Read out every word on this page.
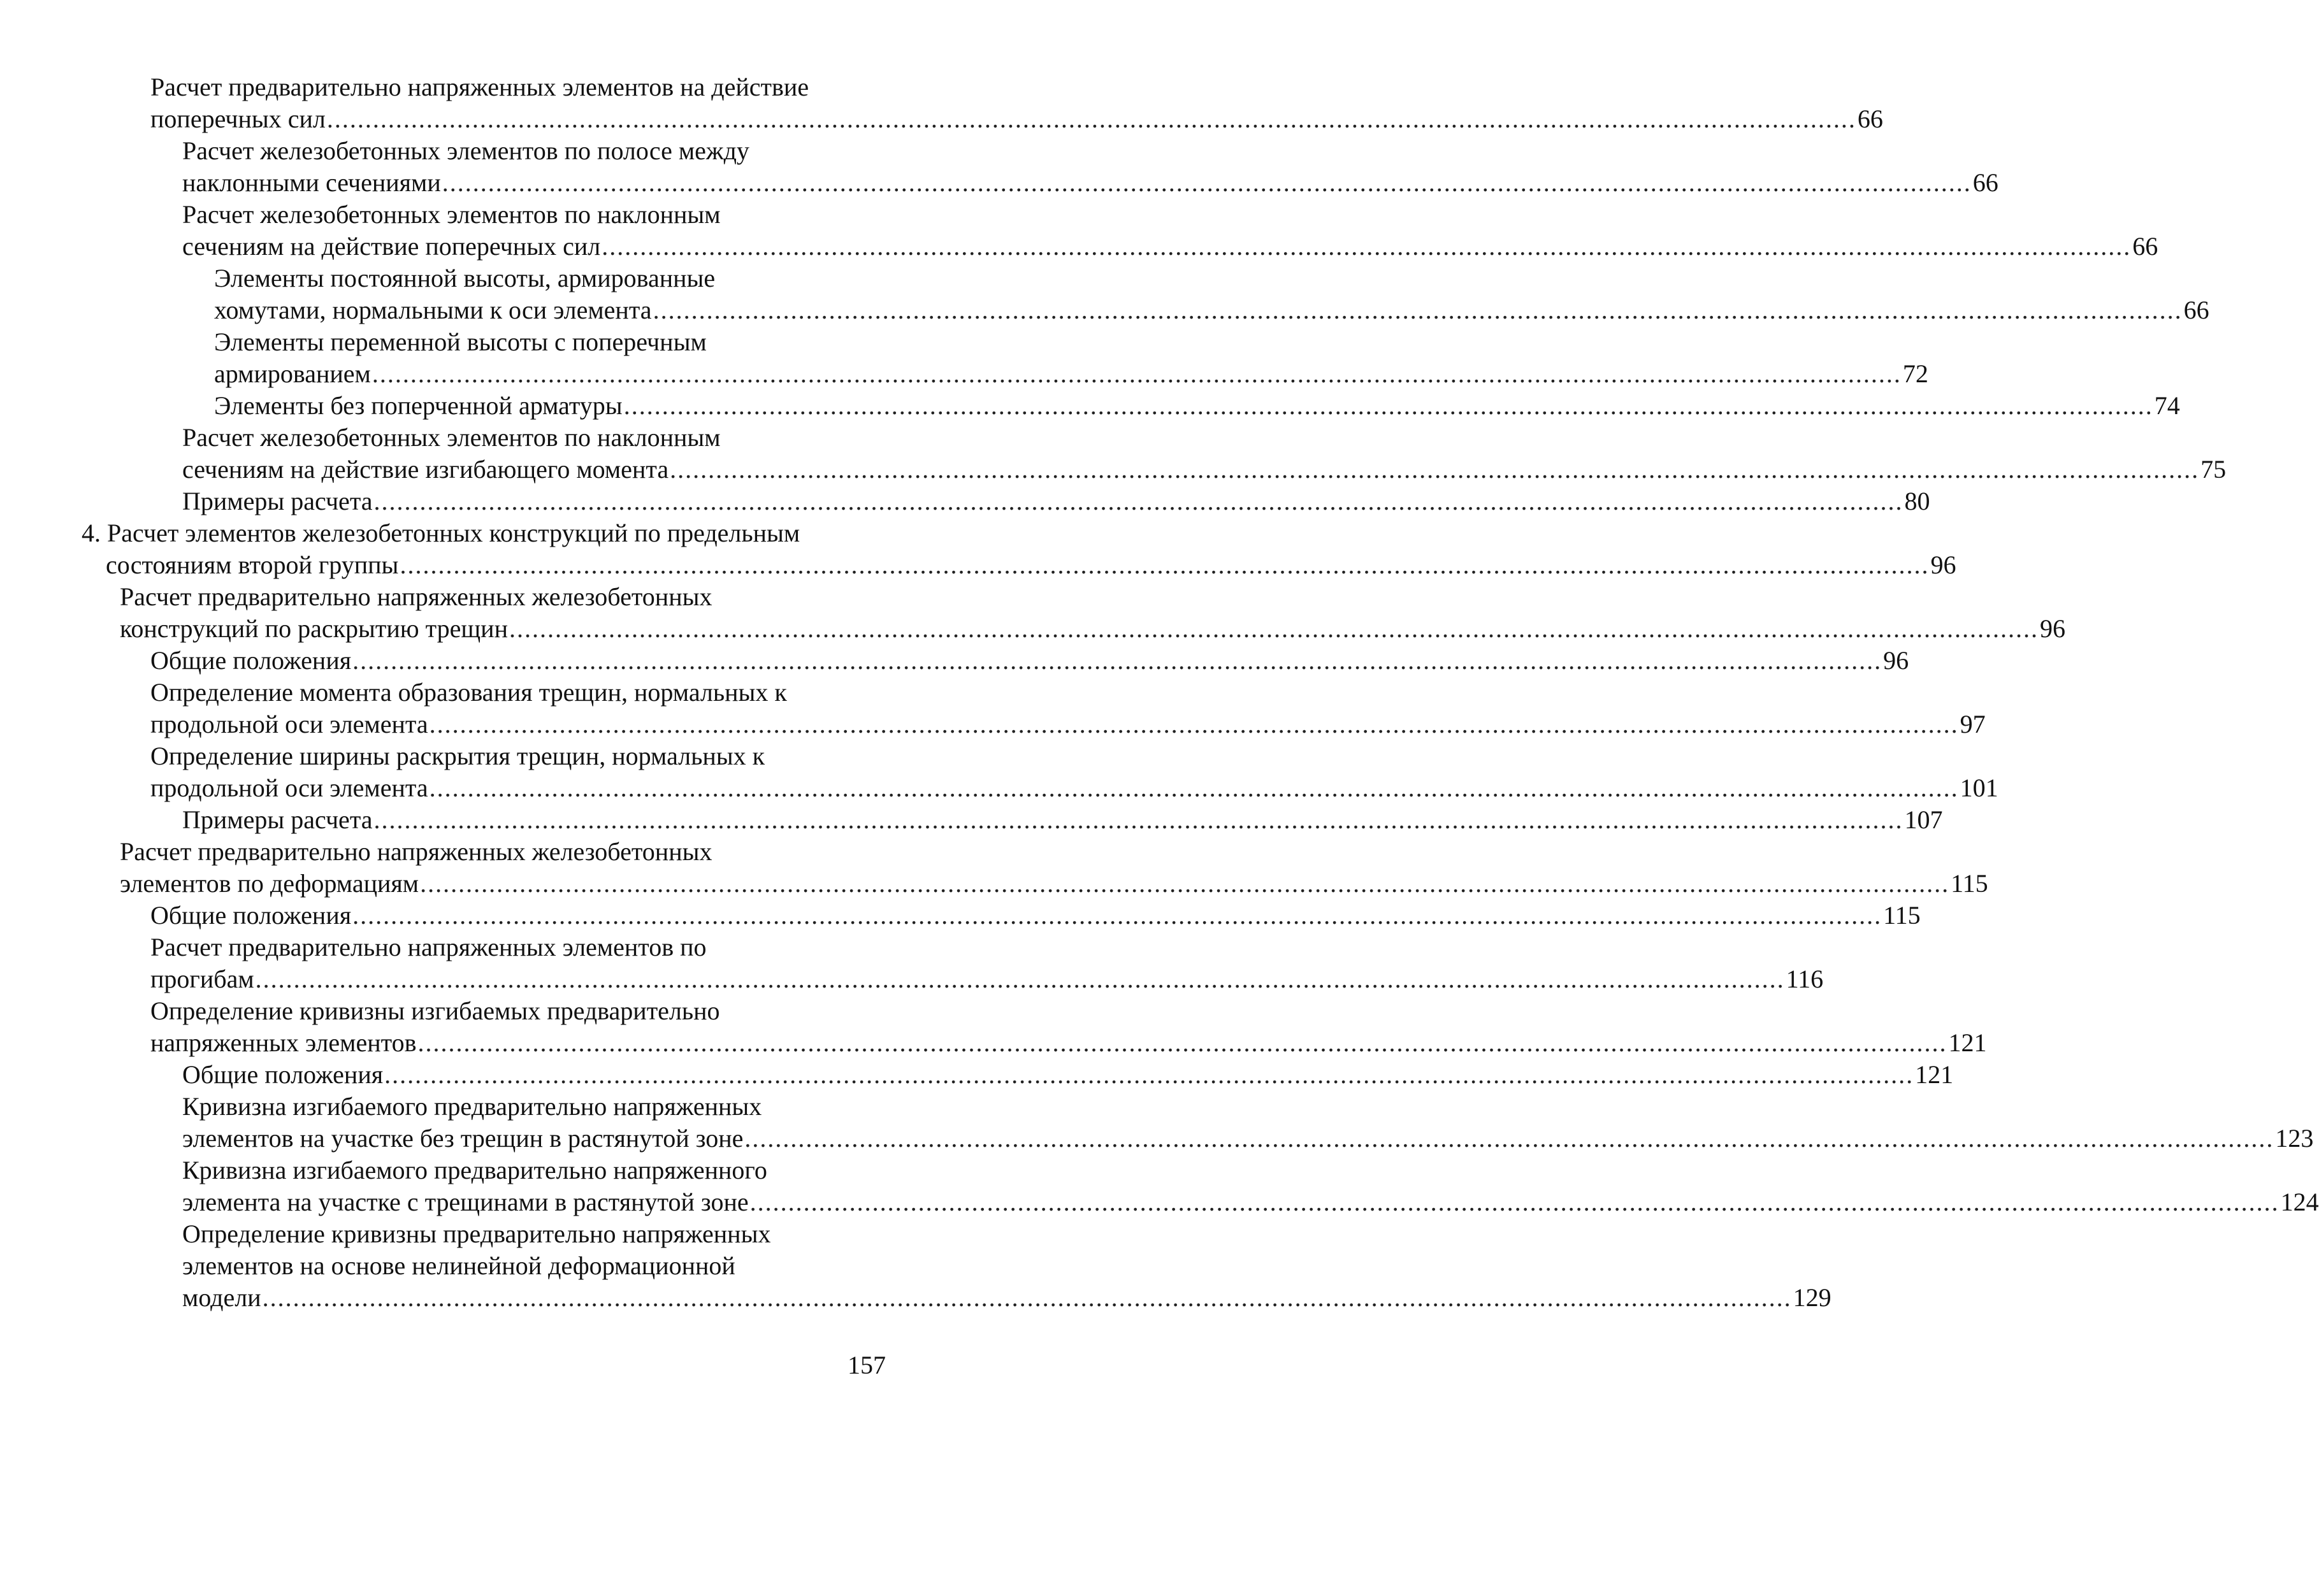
Расчет предварительно напряженных элементов на действие
поперечных сил ........................................................................................................................................................................................................ 66
Расчет железобетонных элементов по полосе между
наклонными сечениями ........................................................................................................................................................................................................ 66
Расчет железобетонных элементов по наклонным
сечениям на действие поперечных сил ........................................................................................................................................................................................................ 66
Элементы постоянной высоты, армированные
хомутами, нормальными к оси элемента ........................................................................................................................................................................................................ 66
Элементы переменной высоты с поперечным
армированием ........................................................................................................................................................................................................ 72
Элементы без поперченной арматуры ........................................................................................................................................................................................................ 74
Расчет железобетонных элементов по наклонным
сечениям на действие изгибающего момента ........................................................................................................................................................................................................ 75
Примеры расчета ........................................................................................................................................................................................................ 80
4. Расчет элементов железобетонных конструкций по предельным
состояниям второй группы ........................................................................................................................................................................................................ 96
Расчет предварительно напряженных железобетонных
конструкций по раскрытию трещин ........................................................................................................................................................................................................ 96
Общие положения ........................................................................................................................................................................................................ 96
Определение момента образования трещин, нормальных к
продольной оси элемента ........................................................................................................................................................................................................ 97
Определение ширины раскрытия трещин, нормальных к
продольной оси элемента ........................................................................................................................................................................................................ 101
Примеры расчета ........................................................................................................................................................................................................ 107
Расчет предварительно напряженных железобетонных
элементов по деформациям ........................................................................................................................................................................................................ 115
Общие положения ........................................................................................................................................................................................................ 115
Расчет предварительно напряженных элементов по
прогибам ........................................................................................................................................................................................................ 116
Определение кривизны изгибаемых предварительно
напряженных элементов ........................................................................................................................................................................................................ 121
Общие положения ........................................................................................................................................................................................................ 121
Кривизна изгибаемого предварительно напряженных
элементов на участке без трещин в растянутой зоне ........................................................................................................................................................................................................ 123
Кривизна изгибаемого предварительно напряженного
элемента на участке с трещинами в растянутой зоне ........................................................................................................................................................................................................ 124
Определение кривизны предварительно напряженных
элементов на основе нелинейной деформационной
модели ........................................................................................................................................................................................................ 129
157
